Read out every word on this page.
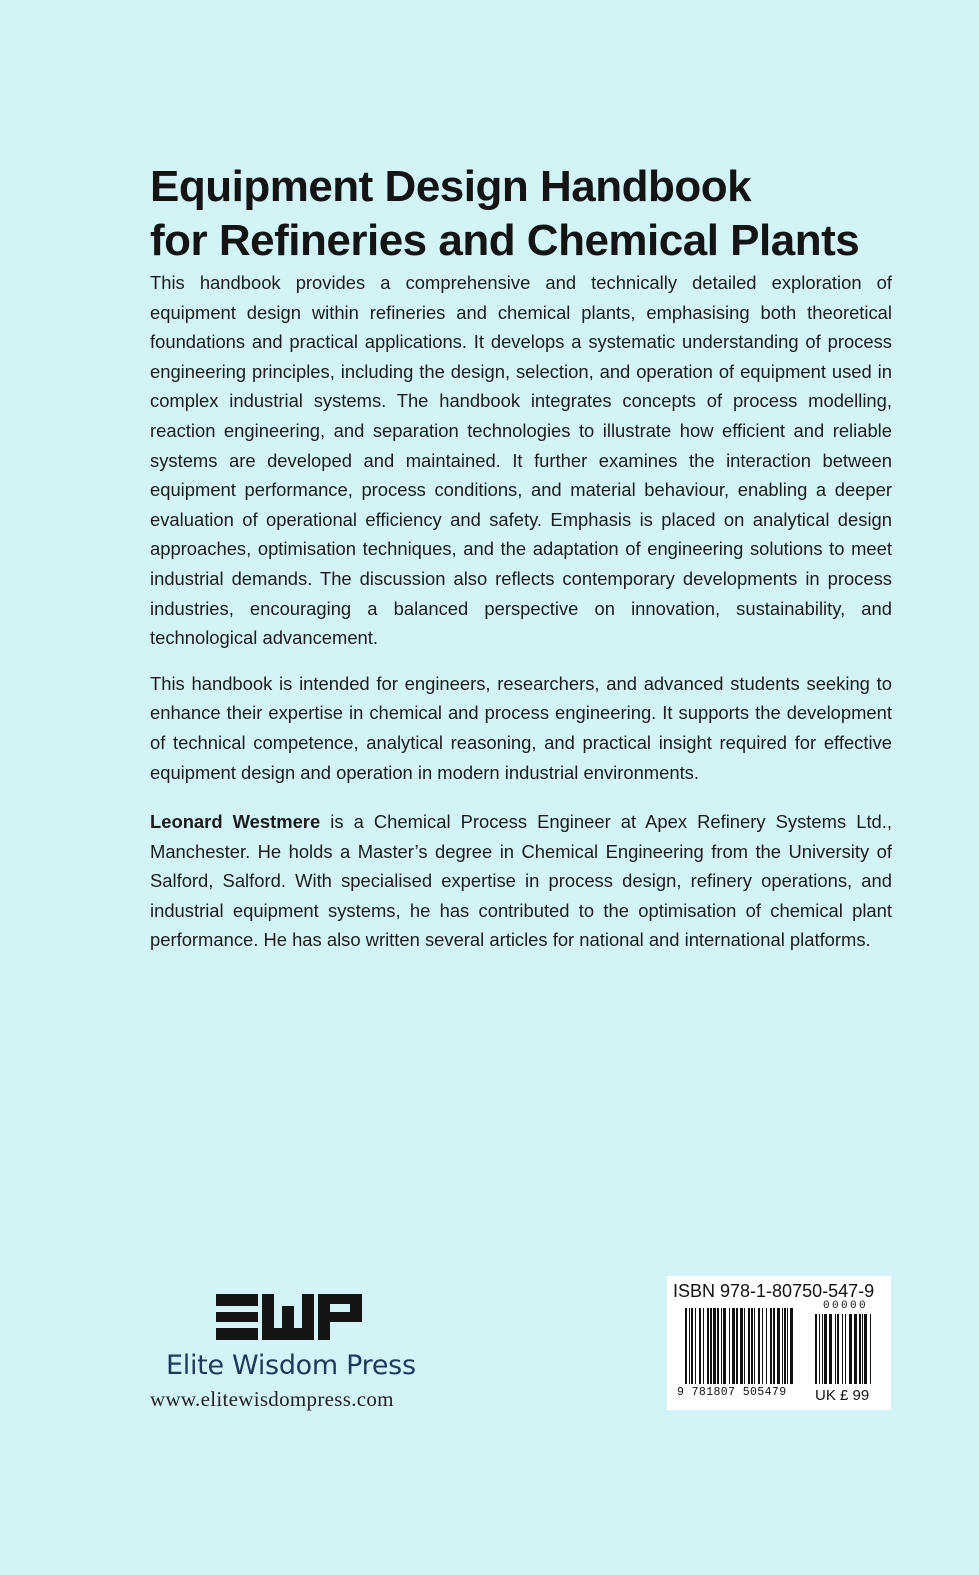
Equipment Design Handbook
for Refineries and Chemical Plants

This handbook provides a comprehensive and technically detailed exploration of equipment design within refineries and chemical plants, emphasising both theoretical foundations and practical applications. It develops a systematic understanding of process engineering principles, including the design, selection, and operation of equipment used in complex industrial systems. The handbook integrates concepts of process modelling, reaction engineering, and separation technologies to illustrate how efficient and reliable systems are developed and maintained. It further examines the interaction between equipment performance, process conditions, and material behaviour, enabling a deeper evaluation of operational efficiency and safety. Emphasis is placed on analytical design approaches, optimisation techniques, and the adaptation of engineering solutions to meet industrial demands. The discussion also reflects contemporary developments in process industries, encouraging a balanced perspective on innovation, sustainability, and technological advancement.

This handbook is intended for engineers, researchers, and advanced students seeking to enhance their expertise in chemical and process engineering. It supports the development of technical competence, analytical reasoning, and practical insight required for effective equipment design and operation in modern industrial environments.

Leonard Westmere is a Chemical Process Engineer at Apex Refinery Systems Ltd., Manchester. He holds a Master’s degree in Chemical Engineering from the University of Salford, Salford. With specialised expertise in process design, refinery operations, and industrial equipment systems, he has contributed to the optimisation of chemical plant performance. He has also written several articles for national and international platforms.

Elite Wisdom Press
www.elitewisdompress.com
ISBN 978-1-80750-547-9
00000
9 781807 505479 UK £ 99
